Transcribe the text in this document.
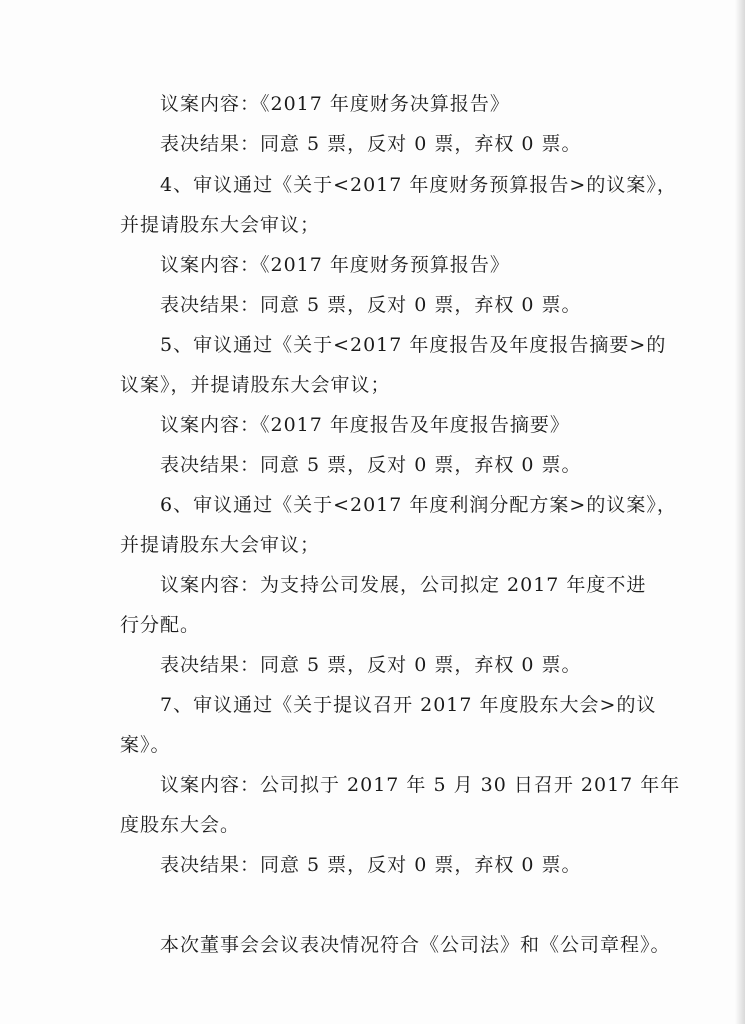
议案内容：《2017 年度财务决算报告》
表决结果：同意 5 票，反对 0 票，弃权 0 票。
4、审议通过《关于<2017 年度财务预算报告>的议案》，
并提请股东大会审议；
议案内容：《2017 年度财务预算报告》
表决结果：同意 5 票，反对 0 票，弃权 0 票。
5、审议通过《关于<2017 年度报告及年度报告摘要>的
议案》，并提请股东大会审议；
议案内容：《2017 年度报告及年度报告摘要》
表决结果：同意 5 票，反对 0 票，弃权 0 票。
6、审议通过《关于<2017 年度利润分配方案>的议案》，
并提请股东大会审议；
议案内容：为支持公司发展，公司拟定 2017 年度不进
行分配。
表决结果：同意 5 票，反对 0 票，弃权 0 票。
7、审议通过《关于提议召开 2017 年度股东大会>的议
案》。
议案内容：公司拟于 2017 年 5 月 30 日召开 2017 年年
度股东大会。
表决结果：同意 5 票，反对 0 票，弃权 0 票。
本次董事会会议表决情况符合《公司法》和《公司章程》。
